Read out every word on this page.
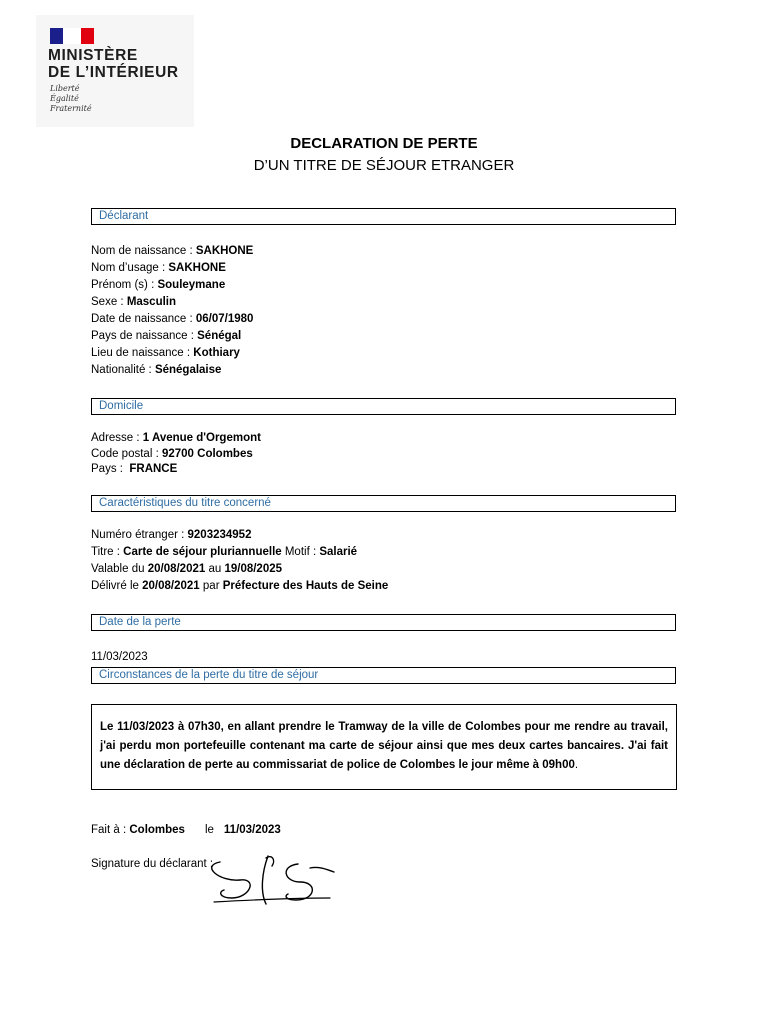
MINISTÈRE
DE L’INTÉRIEUR
Liberté
Égalité
Fraternité
DECLARATION DE PERTE
D’UN TITRE DE SÉJOUR ETRANGER
Déclarant
Nom de naissance : SAKHONE
Nom d’usage : SAKHONE
Prénom (s) : Souleymane
Sexe : Masculin
Date de naissance : 06/07/1980
Pays de naissance : Sénégal
Lieu de naissance : Kothiary
Nationalité : Sénégalaise
Domicile
Adresse : 1 Avenue d'Orgemont
Code postal : 92700 Colombes
Pays :  FRANCE
Caractéristiques du titre concerné
Numéro étranger : 9203234952
Titre : Carte de séjour pluriannuelle Motif : Salarié
Valable du 20/08/2021 au 19/08/2025
Délivré le 20/08/2021 par Préfecture des Hauts de Seine
Date de la perte
11/03/2023
Circonstances de la perte du titre de séjour

Le 11/03/2023 à 07h30, en allant prendre le Tramway de la ville de Colombes pour me rendre au travail, j'ai perdu mon portefeuille contenant ma carte de séjour ainsi que mes deux cartes bancaires. J'ai fait une déclaration de perte au commissariat de police de Colombes le jour même à 09h00.

Fait à : Colombes le 11/03/2023
Signature du déclarant :
